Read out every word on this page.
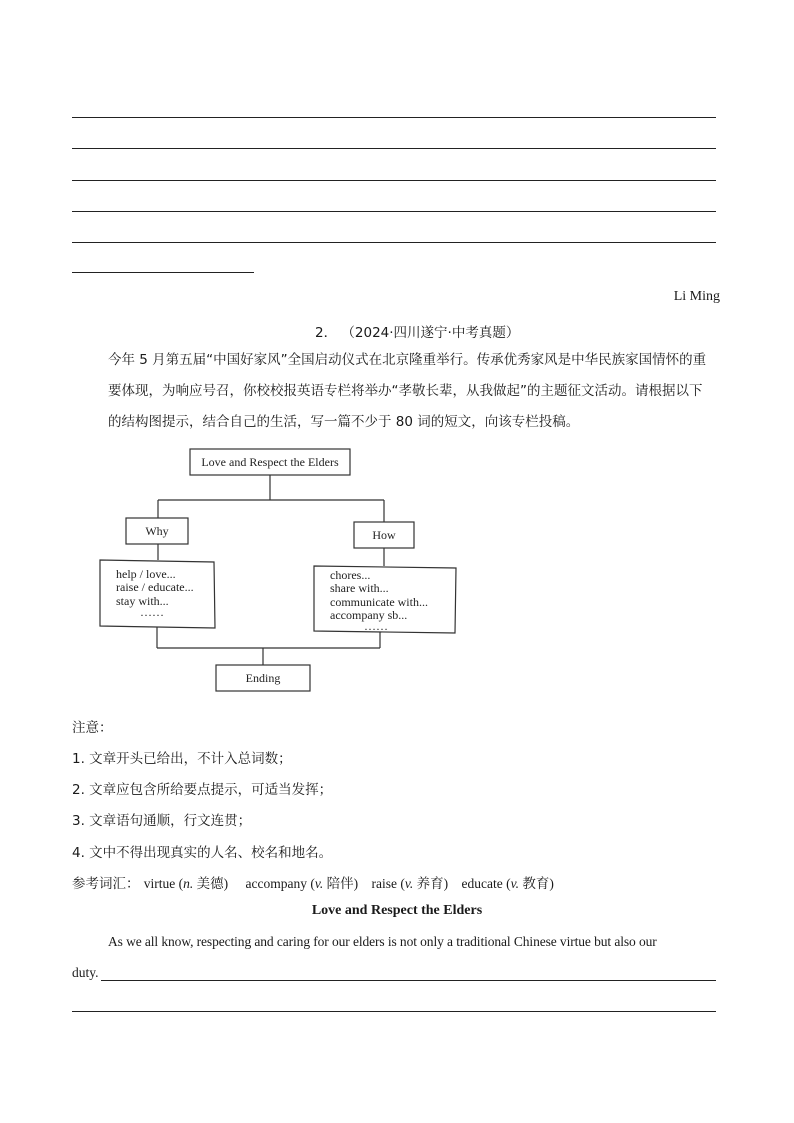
Li Ming
2． （2024·四川遂宁·中考真题）
今年 5 月第五届“中国好家风”全国启动仪式在北京隆重举行。传承优秀家风是中华民族家国情怀的重
要体现，为响应号召，你校校报英语专栏将举办“孝敬长辈，从我做起”的主题征文活动。请根据以下
的结构图提示，结合自己的生活，写一篇不少于 80 词的短文，向该专栏投稿。
Love and Respect the Elders
Why	How
help / love...
raise / educate...
stay with...
……
chores...
share with...
communicate with...
accompany sb...
……
Ending
注意：
1. 文章开头已给出，不计入总词数；
2. 文章应包含所给要点提示，可适当发挥；
3. 文章语句通顺，行文连贯；
4. 文中不得出现真实的人名、校名和地名。
参考词汇： virtue (n. 美德) accompany (v. 陪伴) raise (v. 养育) educate (v. 教育)
Love and Respect the Elders
As we all know, respecting and caring for our elders is not only a traditional Chinese virtue but also our
duty.
